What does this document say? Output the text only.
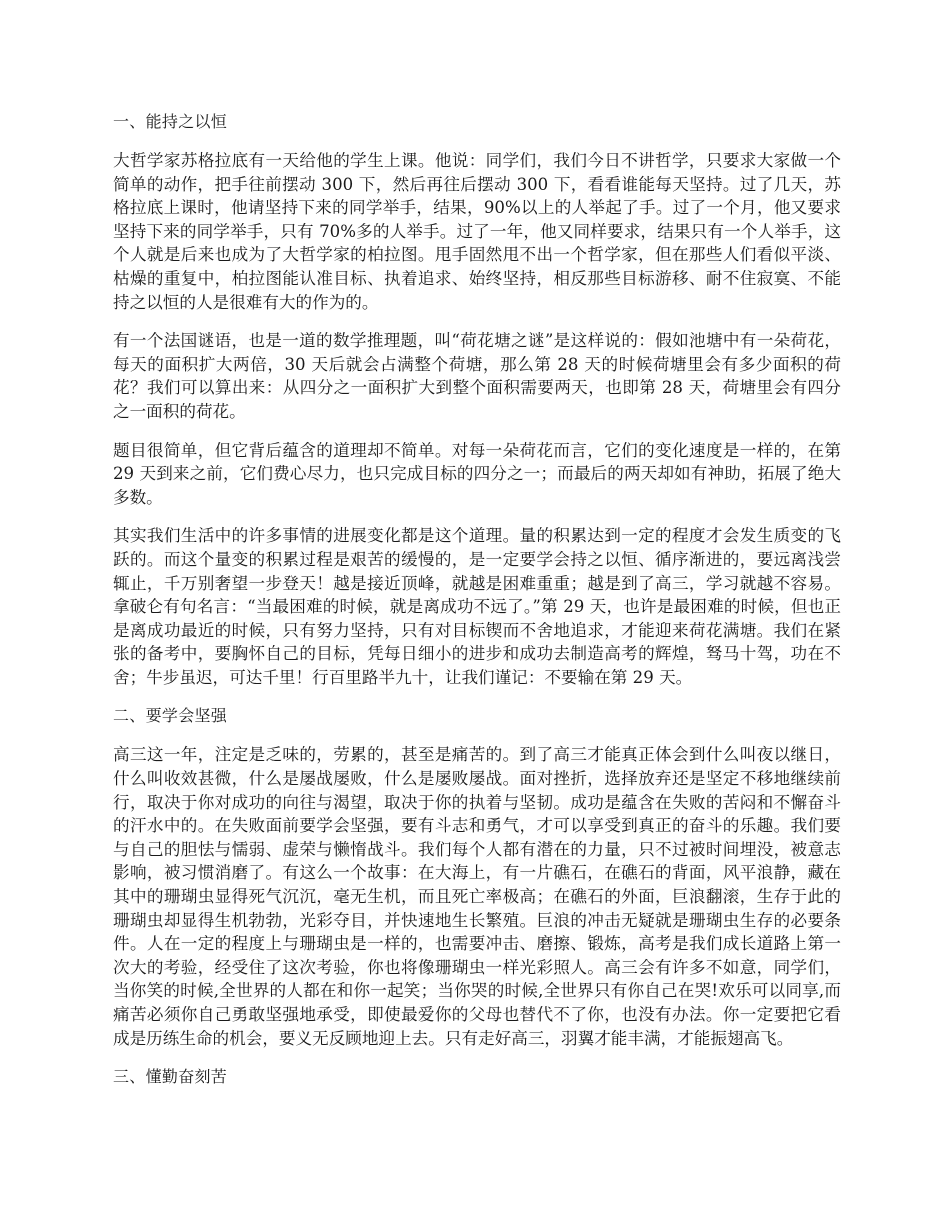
一、能持之以恒

大哲学家苏格拉底有一天给他的学生上课。他说：同学们，我们今日不讲哲学，只要求大家做一个简单的动作，把手往前摆动 300 下，然后再往后摆动 300 下，看看谁能每天坚持。过了几天，苏格拉底上课时，他请坚持下来的同学举手，结果，90%以上的人举起了手。过了一个月，他又要求坚持下来的同学举手，只有 70%多的人举手。过了一年，他又同样要求，结果只有一个人举手，这个人就是后来也成为了大哲学家的柏拉图。甩手固然甩不出一个哲学家，但在那些人们看似平淡、枯燥的重复中，柏拉图能认准目标、执着追求、始终坚持，相反那些目标游移、耐不住寂寞、不能持之以恒的人是很难有大的作为的。

有一个法国谜语，也是一道的数学推理题，叫“荷花塘之谜”是这样说的：假如池塘中有一朵荷花，每天的面积扩大两倍，30 天后就会占满整个荷塘，那么第 28 天的时候荷塘里会有多少面积的荷花？我们可以算出来：从四分之一面积扩大到整个面积需要两天，也即第 28 天，荷塘里会有四分之一面积的荷花。

题目很简单，但它背后蕴含的道理却不简单。对每一朵荷花而言，它们的变化速度是一样的，在第 29 天到来之前，它们费心尽力，也只完成目标的四分之一；而最后的两天却如有神助，拓展了绝大多数。

其实我们生活中的许多事情的进展变化都是这个道理。量的积累达到一定的程度才会发生质变的飞跃的。而这个量变的积累过程是艰苦的缓慢的，是一定要学会持之以恒、循序渐进的，要远离浅尝辄止，千万别奢望一步登天！越是接近顶峰，就越是困难重重；越是到了高三，学习就越不容易。拿破仑有句名言：“当最困难的时候，就是离成功不远了。”第 29 天，也许是最困难的时候，但也正是离成功最近的时候，只有努力坚持，只有对目标锲而不舍地追求，才能迎来荷花满塘。我们在紧张的备考中，要胸怀自己的目标，凭每日细小的进步和成功去制造高考的辉煌，驽马十驾，功在不舍；牛步虽迟，可达千里！行百里路半九十，让我们谨记：不要输在第 29 天。

二、要学会坚强

高三这一年，注定是乏味的，劳累的，甚至是痛苦的。到了高三才能真正体会到什么叫夜以继日，什么叫收效甚微，什么是屡战屡败，什么是屡败屡战。面对挫折，选择放弃还是坚定不移地继续前行，取决于你对成功的向往与渴望，取决于你的执着与坚韧。成功是蕴含在失败的苦闷和不懈奋斗的汗水中的。在失败面前要学会坚强，要有斗志和勇气，才可以享受到真正的奋斗的乐趣。我们要与自己的胆怯与懦弱、虚荣与懒惰战斗。我们每个人都有潜在的力量，只不过被时间埋没，被意志影响，被习惯消磨了。有这么一个故事：在大海上，有一片礁石，在礁石的背面，风平浪静，藏在其中的珊瑚虫显得死气沉沉，毫无生机，而且死亡率极高；在礁石的外面，巨浪翻滚，生存于此的珊瑚虫却显得生机勃勃，光彩夺目，并快速地生长繁殖。巨浪的冲击无疑就是珊瑚虫生存的必要条件。人在一定的程度上与珊瑚虫是一样的，也需要冲击、磨擦、锻炼，高考是我们成长道路上第一次大的考验，经受住了这次考验，你也将像珊瑚虫一样光彩照人。高三会有许多不如意，同学们，当你笑的时候,全世界的人都在和你一起笑；当你哭的时候,全世界只有你自己在哭!欢乐可以同享,而痛苦必须你自己勇敢坚强地承受，即使最爱你的父母也替代不了你，也没有办法。你一定要把它看成是历练生命的机会，要义无反顾地迎上去。只有走好高三，羽翼才能丰满，才能振翅高飞。

三、懂勤奋刻苦
